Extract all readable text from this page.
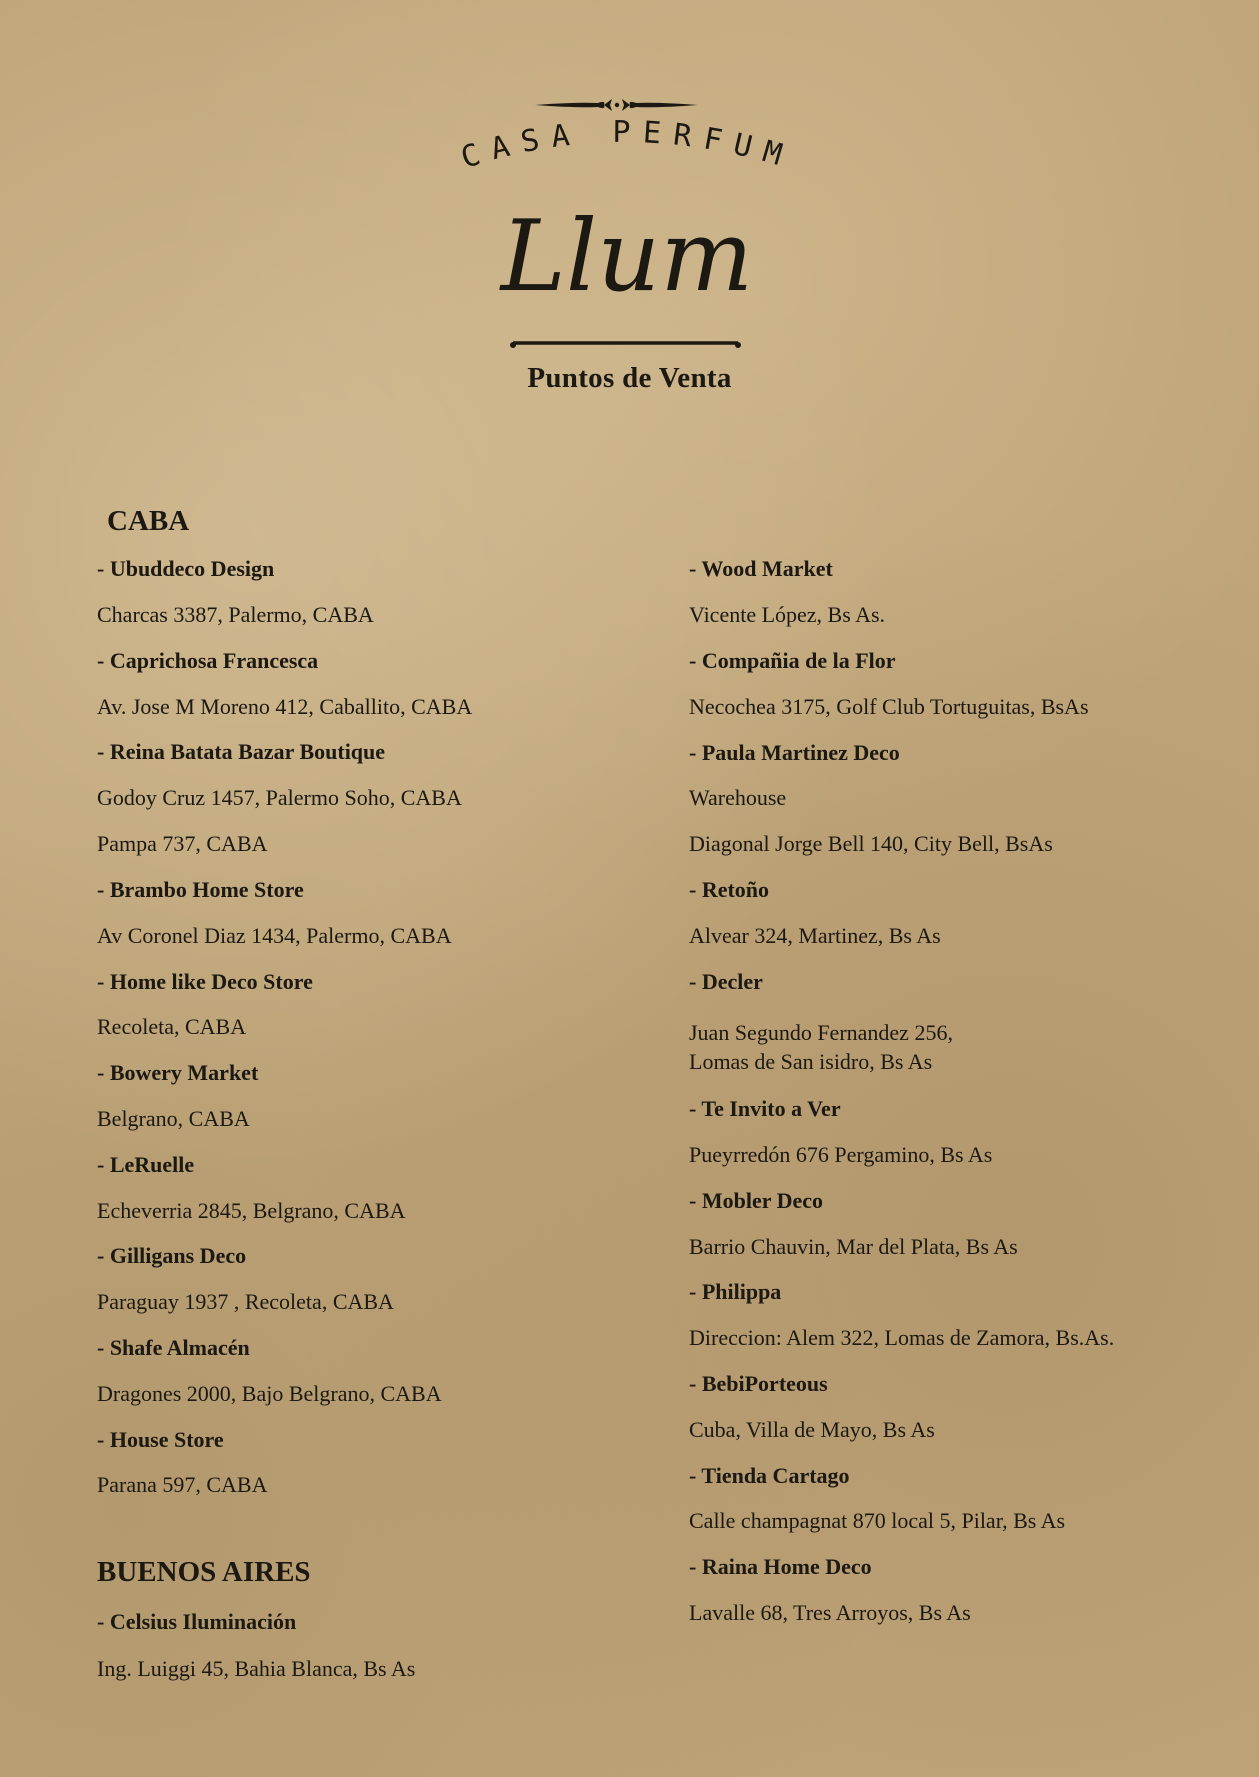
CASA PERFUM
Llum
Puntos de Venta
CABA
- Ubuddeco Design
Charcas 3387, Palermo, CABA
- Caprichosa Francesca
Av. Jose M Moreno 412, Caballito, CABA
- Reina Batata Bazar Boutique
Godoy Cruz 1457, Palermo Soho, CABA
Pampa 737, CABA
- Brambo Home Store
Av Coronel Diaz 1434, Palermo, CABA
- Home like Deco Store
Recoleta, CABA
- Bowery Market
Belgrano, CABA
- LeRuelle
Echeverria 2845, Belgrano, CABA
- Gilligans Deco
Paraguay 1937 , Recoleta, CABA
- Shafe Almacén
Dragones 2000, Bajo Belgrano, CABA
- House Store
Parana 597, CABA
BUENOS AIRES
- Celsius Iluminación
Ing. Luiggi 45, Bahia Blanca, Bs As
- Wood Market
Vicente López, Bs As.
- Compañia de la Flor
Necochea 3175, Golf Club Tortuguitas, BsAs
- Paula Martinez Deco
Warehouse
Diagonal Jorge Bell 140, City Bell, BsAs
- Retoño
Alvear 324, Martinez, Bs As
- Decler
Juan Segundo Fernandez 256,
Lomas de San isidro, Bs As
- Te Invito a Ver
Pueyrredón 676 Pergamino, Bs As
- Mobler Deco
Barrio Chauvin, Mar del Plata, Bs As
- Philippa
Direccion: Alem 322, Lomas de Zamora, Bs.As.
- BebiPorteous
Cuba, Villa de Mayo, Bs As
- Tienda Cartago
Calle champagnat 870 local 5, Pilar, Bs As
- Raina Home Deco
Lavalle 68, Tres Arroyos, Bs As
